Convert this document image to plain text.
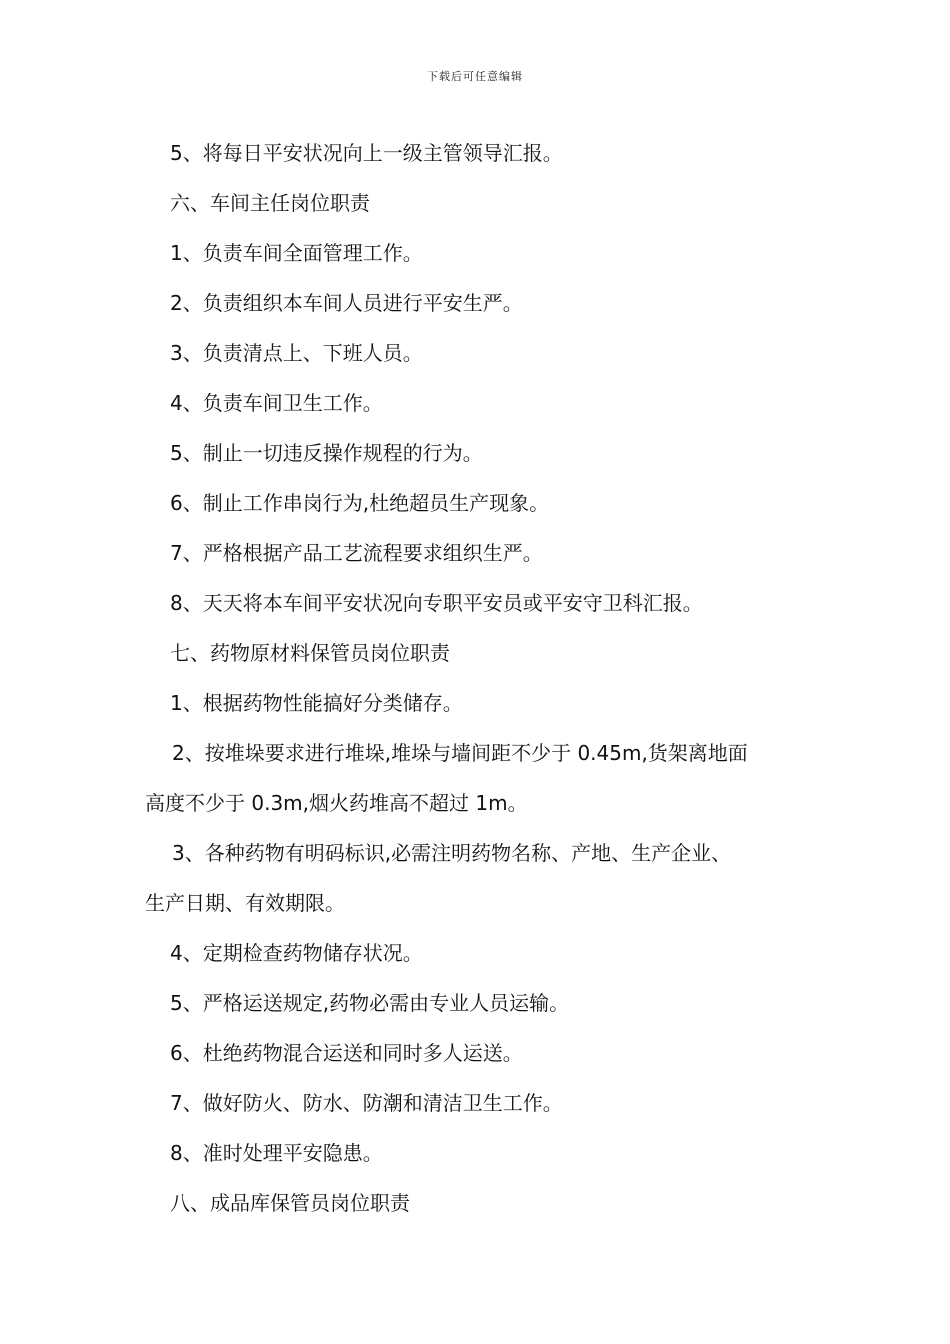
下载后可任意编辑
5、将每日平安状况向上一级主管领导汇报。
六、车间主任岗位职责
1、负责车间全面管理工作。
2、负责组织本车间人员进行平安生严。
3、负责清点上、下班人员。
4、负责车间卫生工作。
5、制止一切违反操作规程的行为。
6、制止工作串岗行为,杜绝超员生产现象。
7、严格根据产品工艺流程要求组织生严。
8、天天将本车间平安状况向专职平安员或平安守卫科汇报。
七、药物原材料保管员岗位职责
1、根据药物性能搞好分类储存。
2、按堆垛要求进行堆垛,堆垛与墙间距不少于 0.45m,货架离地面
高度不少于 0.3m,烟火药堆高不超过 1m。
3、各种药物有明码标识,必需注明药物名称、产地、生产企业、
生产日期、有效期限。
4、定期检查药物储存状况。
5、严格运送规定,药物必需由专业人员运输。
6、杜绝药物混合运送和同时多人运送。
7、做好防火、防水、防潮和清洁卫生工作。
8、准时处理平安隐患。
八、成品库保管员岗位职责
